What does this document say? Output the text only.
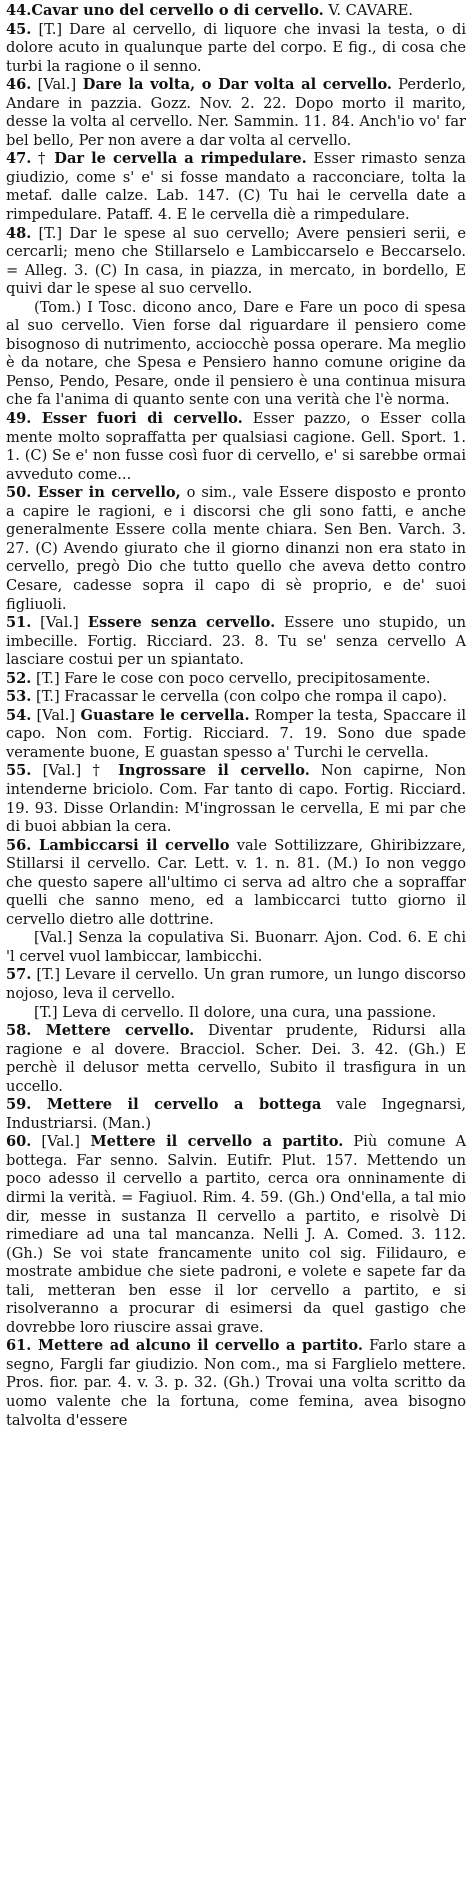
44.Cavar uno del cervello o di cervello. V. CAVARE.

45. [T.] Dare al cervello, di liquore che invasi la testa, o di dolore acuto in qualunque parte del corpo. E fig., di cosa che turbi la ragione o il senno.

46. [Val.] Dare la volta, o Dar volta al cervello. Perderlo, Andare in pazzia. Gozz. Nov. 2. 22. Dopo morto il marito, desse la volta al cervello. Ner. Sammin. 11. 84. Anch'io vo' far bel bello, Per non avere a dar volta al cervello.

47. † Dar le cervella a rimpedulare. Esser rimasto senza giudizio, come s' e' si fosse mandato a racconciare, tolta la metaf. dalle calze. Lab. 147. (C) Tu hai le cervella date a rimpedulare. Pataff. 4. E le cervella diè a rimpedulare.

48. [T.] Dar le spese al suo cervello; Avere pensieri serii, e cercarli; meno che Stillarselo e Lambiccarselo e Beccarselo. = Alleg. 3. (C) In casa, in piazza, in mercato, in bordello, E quivi dar le spese al suo cervello.

(Tom.) I Tosc. dicono anco, Dare e Fare un poco di spesa al suo cervello. Vien forse dal riguardare il pensiero come bisognoso di nutrimento, acciocchè possa operare. Ma meglio è da notare, che Spesa e Pensiero hanno comune origine da Penso, Pendo, Pesare, onde il pensiero è una continua misura che fa l'anima di quanto sente con una verità che l'è norma.

49. Esser fuori di cervello. Esser pazzo, o Esser colla mente molto sopraffatta per qualsiasi cagione. Gell. Sport. 1. 1. (C) Se e' non fusse così fuor di cervello, e' si sarebbe ormai avveduto come...

50. Esser in cervello, o sim., vale Essere disposto e pronto a capire le ragioni, e i discorsi che gli sono fatti, e anche generalmente Essere colla mente chiara. Sen Ben. Varch. 3. 27. (C) Avendo giurato che il giorno dinanzi non era stato in cervello, pregò Dio che tutto quello che aveva detto contro Cesare, cadesse sopra il capo di sè proprio, e de' suoi figliuoli.

51. [Val.] Essere senza cervello. Essere uno stupido, un imbecille. Fortig. Ricciard. 23. 8. Tu se' senza cervello A lasciare costui per un spiantato.

52. [T.] Fare le cose con poco cervello, precipitosamente.

53. [T.] Fracassar le cervella (con colpo che rompa il capo).

54. [Val.] Guastare le cervella. Romper la testa, Spaccare il capo. Non com. Fortig. Ricciard. 7. 19. Sono due spade veramente buone, E guastan spesso a' Turchi le cervella.

55. [Val.] † Ingrossare il cervello. Non capirne, Non intenderne briciolo. Com. Far tanto di capo. Fortig. Ricciard. 19. 93. Disse Orlandin: M'ingrossan le cervella, E mi par che di buoi abbian la cera.

56. Lambiccarsi il cervello vale Sottilizzare, Ghiribizzare, Stillarsi il cervello. Car. Lett. v. 1. n. 81. (M.) Io non veggo che questo sapere all'ultimo ci serva ad altro che a sopraffar quelli che sanno meno, ed a lambiccarci tutto giorno il cervello dietro alle dottrine.

[Val.] Senza la copulativa Si. Buonarr. Ajon. Cod. 6. E chi 'l cervel vuol lambiccar, lambicchi.

57. [T.] Levare il cervello. Un gran rumore, un lungo discorso nojoso, leva il cervello.

[T.] Leva di cervello. Il dolore, una cura, una passione.

58. Mettere cervello. Diventar prudente, Ridursi alla ragione e al dovere. Bracciol. Scher. Dei. 3. 42. (Gh.) E perchè il delusor metta cervello, Subito il trasfigura in un uccello.

59. Mettere il cervello a bottega vale Ingegnarsi, Industriarsi. (Man.)

60. [Val.] Mettere il cervello a partito. Più comune A bottega. Far senno. Salvin. Eutifr. Plut. 157. Mettendo un poco adesso il cervello a partito, cerca ora onninamente di dirmi la verità. = Fagiuol. Rim. 4. 59. (Gh.) Ond'ella, a tal mio dir, messe in sustanza Il cervello a partito, e risolvè Di rimediare ad una tal mancanza. Nelli J. A. Comed. 3. 112. (Gh.) Se voi state francamente unito col sig. Filidauro, e mostrate ambidue che siete padroni, e volete e sapete far da tali, metteran ben esse il lor cervello a partito, e si risolveranno a procurar di esimersi da quel gastigo che dovrebbe loro riuscire assai grave.

61. Mettere ad alcuno il cervello a partito. Farlo stare a segno, Fargli far giudizio. Non com., ma si Farglielo mettere. Pros. fior. par. 4. v. 3. p. 32. (Gh.) Trovai una volta scritto da uomo valente che la fortuna, come femina, avea bisogno talvolta d'essere
